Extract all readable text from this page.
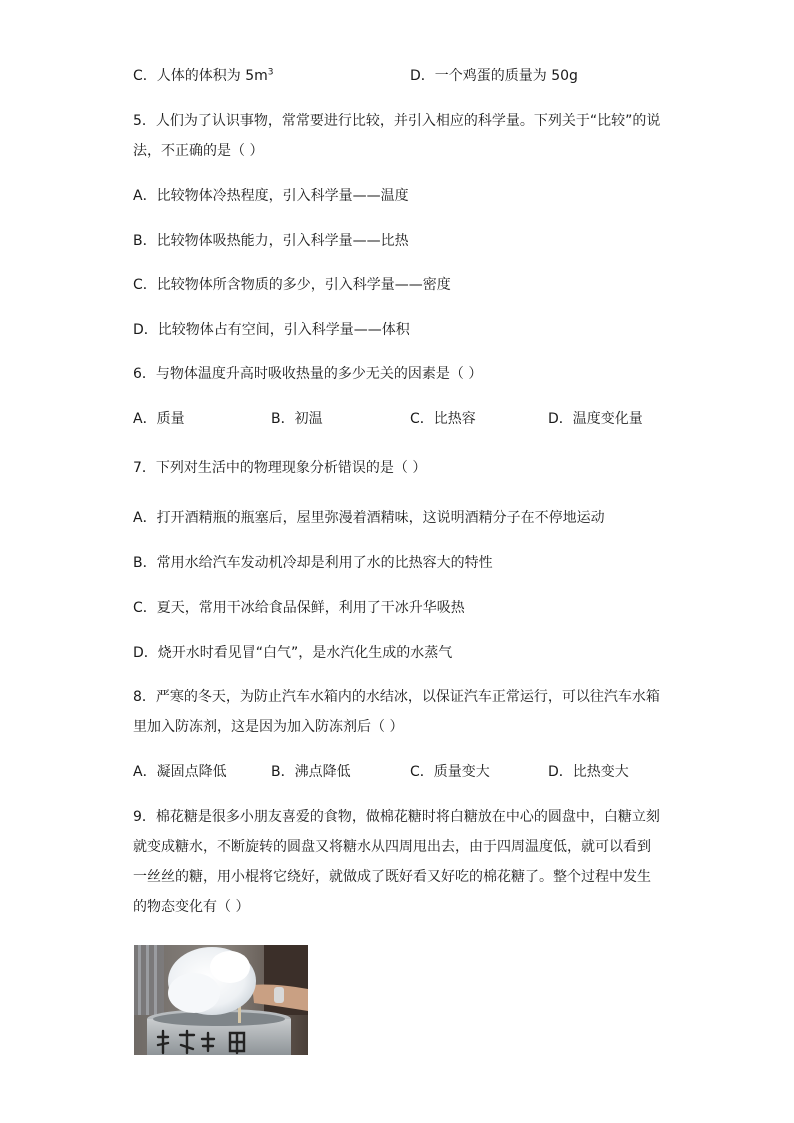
C．人体的体积为 $5m^3$	D．一个鸡蛋的质量为 50g
5．人们为了认识事物，常常要进行比较，并引入相应的科学量。下列关于“比较”的说
法，不正确的是（ ）
A．比较物体冷热程度，引入科学量——温度
B．比较物体吸热能力，引入科学量——比热
C．比较物体所含物质的多少，引入科学量——密度
D．比较物体占有空间，引入科学量——体积
6．与物体温度升高时吸收热量的多少无关的因素是（ ）
A．质量	B．初温	C．比热容	D．温度变化量
7．下列对生活中的物理现象分析错误的是（ ）
A．打开酒精瓶的瓶塞后，屋里弥漫着酒精味，这说明酒精分子在不停地运动
B．常用水给汽车发动机冷却是利用了水的比热容大的特性
C．夏天，常用干冰给食品保鲜，利用了干冰升华吸热
D．烧开水时看见冒“白气”，是水汽化生成的水蒸气
8．严寒的冬天，为防止汽车水箱内的水结冰，以保证汽车正常运行，可以往汽车水箱
里加入防冻剂，这是因为加入防冻剂后（ ）
A．凝固点降低	B．沸点降低	C．质量变大	D．比热变大
9．棉花糖是很多小朋友喜爱的食物，做棉花糖时将白糖放在中心的圆盘中，白糖立刻
就变成糖水，不断旋转的圆盘又将糖水从四周甩出去，由于四周温度低，就可以看到
一丝丝的糖，用小棍将它绕好，就做成了既好看又好吃的棉花糖了。整个过程中发生
的物态变化有（ ）
